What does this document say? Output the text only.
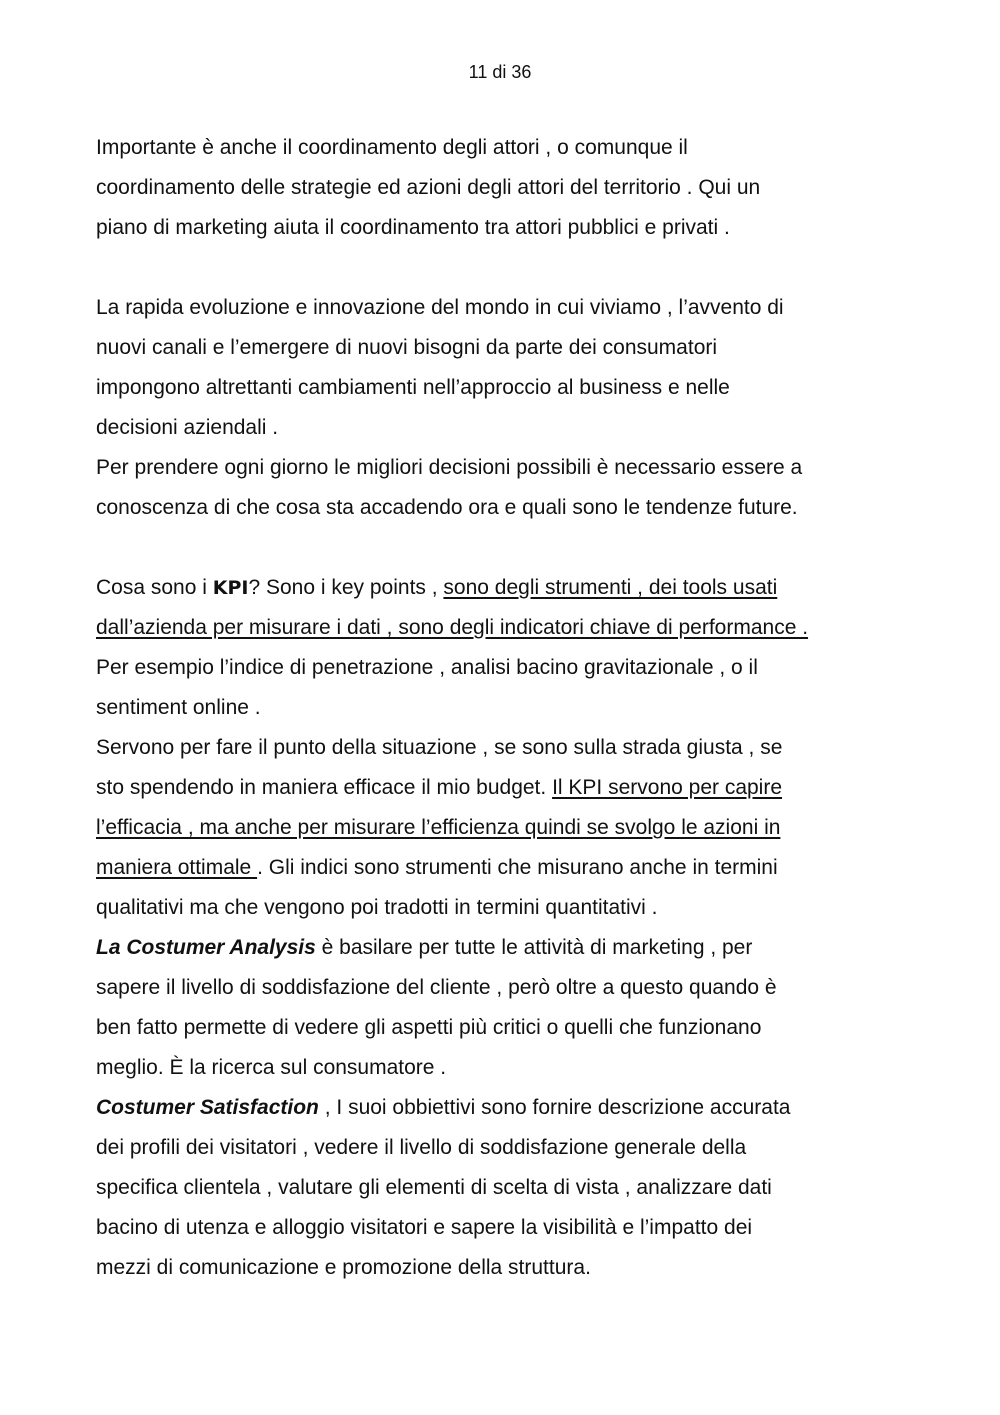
11 di 36

Importante è anche il coordinamento degli attori , o comunque il
coordinamento delle strategie ed azioni degli attori del territorio . Qui un
piano di marketing aiuta il coordinamento tra attori pubblici e privati .

La rapida evoluzione e innovazione del mondo in cui viviamo , l’avvento di
nuovi canali e l’emergere di nuovi bisogni da parte dei consumatori
impongono altrettanti cambiamenti nell’approccio al business e nelle
decisioni aziendali .

Per prendere ogni giorno le migliori decisioni possibili è necessario essere a
conoscenza di che cosa sta accadendo ora e quali sono le tendenze future.

Cosa sono i KPI? Sono i key points , sono degli strumenti , dei tools usati
dall’azienda per misurare i dati , sono degli indicatori chiave di performance .
Per esempio l’indice di penetrazione , analisi bacino gravitazionale , o il
sentiment online .

Servono per fare il punto della situazione , se sono sulla strada giusta , se
sto spendendo in maniera efficace il mio budget. Il KPI servono per capire
l’efficacia , ma anche per misurare l’efficienza quindi se svolgo le azioni in
maniera ottimale . Gli indici sono strumenti che misurano anche in termini
qualitativi ma che vengono poi tradotti in termini quantitativi .

La Costumer Analysis è basilare per tutte le attività di marketing , per
sapere il livello di soddisfazione del cliente , però oltre a questo quando è
ben fatto permette di vedere gli aspetti più critici o quelli che funzionano
meglio. È la ricerca sul consumatore .

Costumer Satisfaction , I suoi obbiettivi sono fornire descrizione accurata
dei profili dei visitatori , vedere il livello di soddisfazione generale della
specifica clientela , valutare gli elementi di scelta di vista , analizzare dati
bacino di utenza e alloggio visitatori e sapere la visibilità e l’impatto dei
mezzi di comunicazione e promozione della struttura.
